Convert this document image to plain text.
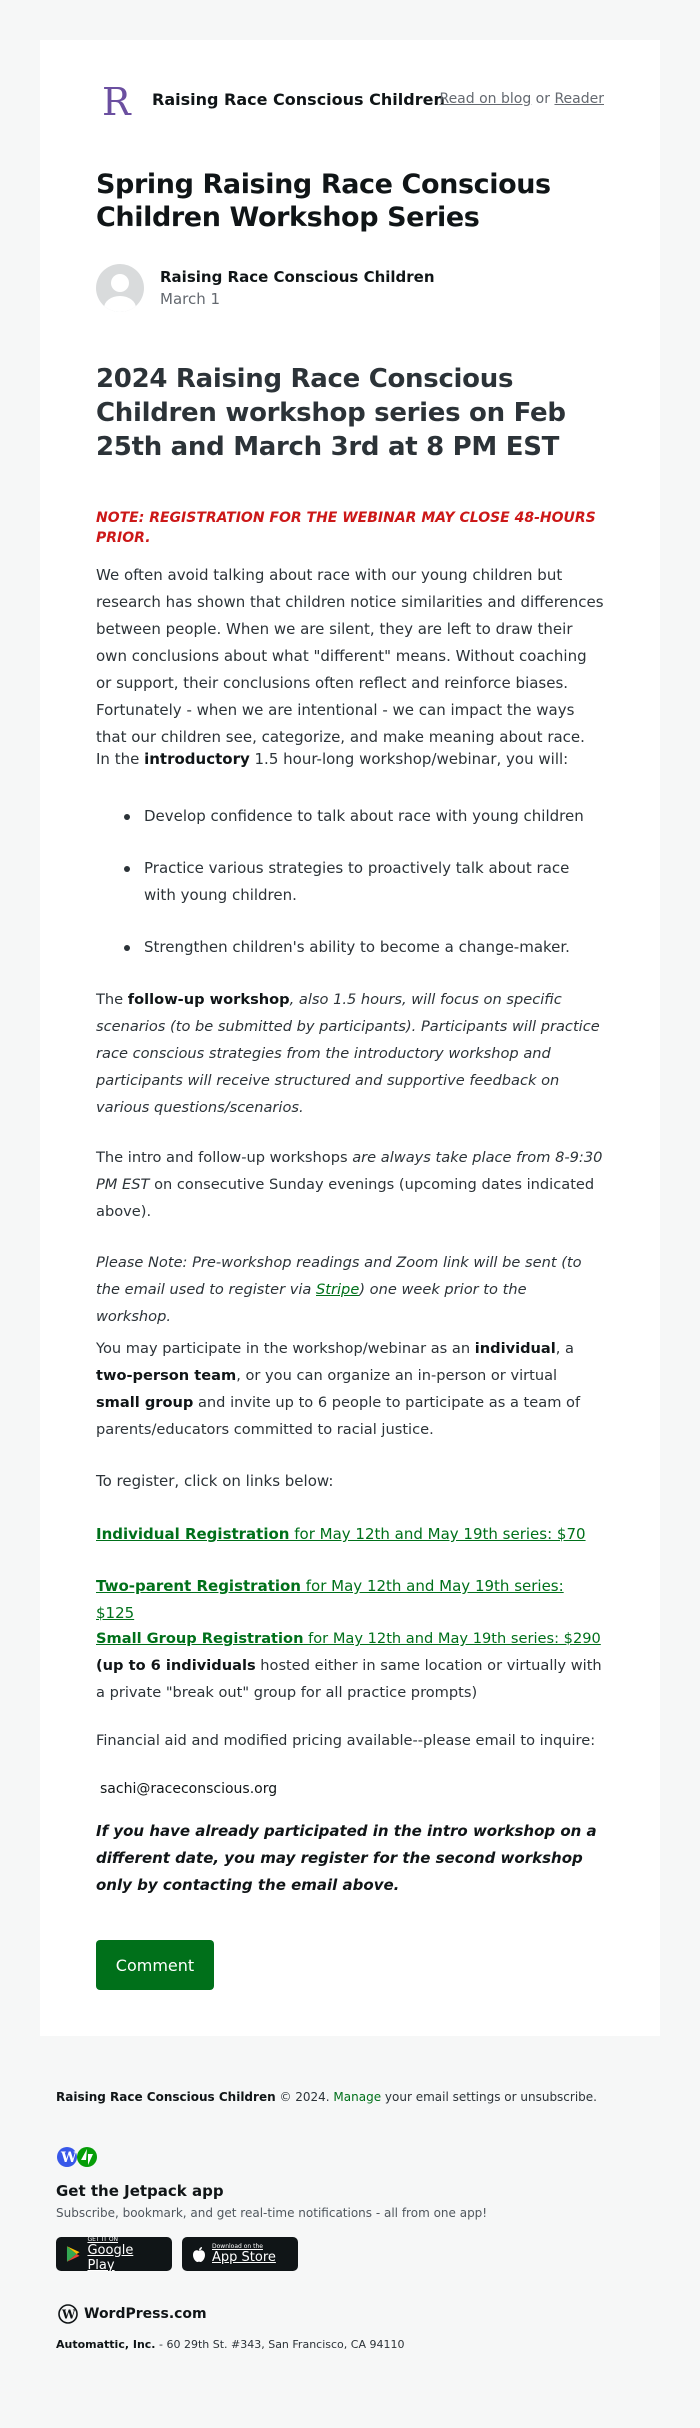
R Raising Race Conscious Children
Read on blog or Reader
Spring Raising Race Conscious Children Workshop Series
Raising Race Conscious Children
March 1
2024 Raising Race Conscious Children workshop series on Feb 25th and March 3rd at 8 PM EST
NOTE: REGISTRATION FOR THE WEBINAR MAY CLOSE 48-HOURS PRIOR.
We often avoid talking about race with our young children but research has shown that children notice similarities and differences between people. When we are silent, they are left to draw their own conclusions about what "different" means. Without coaching or support, their conclusions often reflect and reinforce biases. Fortunately - when we are intentional - we can impact the ways that our children see, categorize, and make meaning about race.
In the introductory 1.5 hour-long workshop/webinar, you will:
Develop confidence to talk about race with young children
Practice various strategies to proactively talk about race with young children.
Strengthen children's ability to become a change-maker.
The follow-up workshop, also 1.5 hours, will focus on specific scenarios (to be submitted by participants). Participants will practice race conscious strategies from the introductory workshop and participants will receive structured and supportive feedback on various questions/scenarios.
The intro and follow-up workshops are always take place from 8-9:30 PM EST on consecutive Sunday evenings (upcoming dates indicated above).
Please Note: Pre-workshop readings and Zoom link will be sent (to the email used to register via Stripe) one week prior to the workshop.
You may participate in the workshop/webinar as an individual, a two-person team, or you can organize an in-person or virtual small group and invite up to 6 people to participate as a team of parents/educators committed to racial justice.
To register, click on links below:
Individual Registration for May 12th and May 19th series: $70
Two-parent Registration for May 12th and May 19th series: $125
Small Group Registration for May 12th and May 19th series: $290 (up to 6 individuals hosted either in same location or virtually with a private "break out" group for all practice prompts)
Financial aid and modified pricing available--please email to inquire:
sachi@raceconscious.org
If you have already participated in the intro workshop on a different date, you may register for the second workshop only by contacting the email above.
Comment
Raising Race Conscious Children © 2024. Manage your email settings or unsubscribe.
W
Get the Jetpack app
Subscribe, bookmark, and get real-time notifications - all from one app!
GET IT ON
Google Play
Download on the
App Store
W WordPress.com
Automattic, Inc. - 60 29th St. #343, San Francisco, CA 94110
